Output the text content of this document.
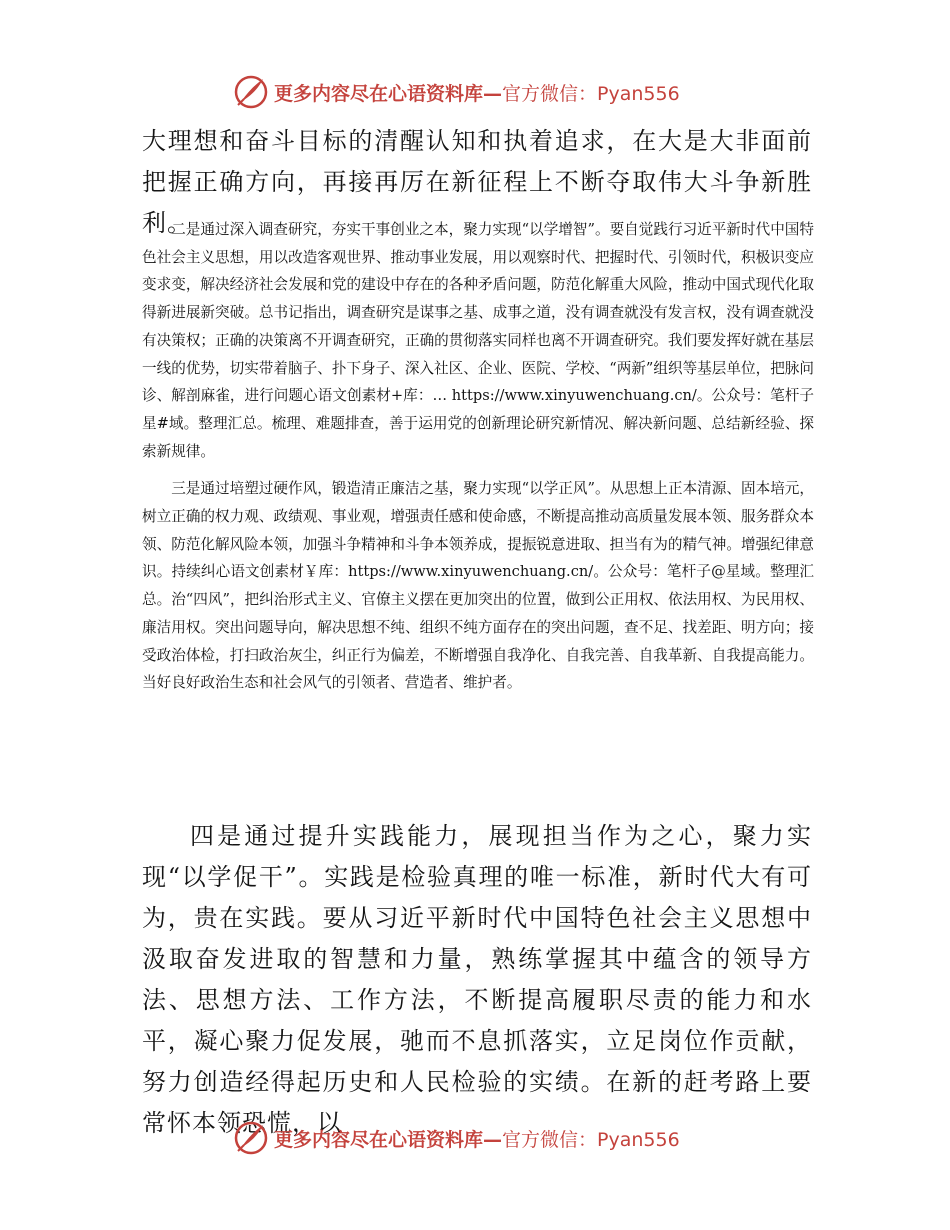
更多内容尽在心语资料库—官方微信：Pyan556

大理想和奋斗目标的清醒认知和执着追求，在大是大非面前把握正确方向，再接再厉在新征程上不断夺取伟大斗争新胜利。

二是通过深入调查研究，夯实干事创业之本，聚力实现“以学增智”。要自觉践行习近平新时代中国特色社会主义思想，用以改造客观世界、推动事业发展，用以观察时代、把握时代、引领时代，积极识变应变求变，解决经济社会发展和党的建设中存在的各种矛盾问题，防范化解重大风险，推动中国式现代化取得新进展新突破。总书记指出，调查研究是谋事之基、成事之道，没有调查就没有发言权，没有调查就没有决策权；正确的决策离不开调查研究，正确的贯彻落实同样也离不开调查研究。我们要发挥好就在基层一线的优势，切实带着脑子、扑下身子、深入社区、企业、医院、学校、“两新”组织等基层单位，把脉问诊、解剖麻雀，进行问题心语文创素材+库：… https://www.xinyuwenchuang.cn/。公众号：笔杆子星#域。整理汇总。梳理、难题排查，善于运用党的创新理论研究新情况、解决新问题、总结新经验、探索新规律。

三是通过培塑过硬作风，锻造清正廉洁之基，聚力实现“以学正风”。从思想上正本清源、固本培元，树立正确的权力观、政绩观、事业观，增强责任感和使命感，不断提高推动高质量发展本领、服务群众本领、防范化解风险本领，加强斗争精神和斗争本领养成，提振锐意进取、担当有为的精气神。增强纪律意识。持续纠心语文创素材￥库：https://www.xinyuwenchuang.cn/。公众号：笔杆子@星域。整理汇总。治“四风”，把纠治形式主义、官僚主义摆在更加突出的位置，做到公正用权、依法用权、为民用权、廉洁用权。突出问题导向，解决思想不纯、组织不纯方面存在的突出问题，查不足、找差距、明方向；接受政治体检，打扫政治灰尘，纠正行为偏差，不断增强自我净化、自我完善、自我革新、自我提高能力。当好良好政治生态和社会风气的引领者、营造者、维护者。

四是通过提升实践能力，展现担当作为之心，聚力实现“以学促干”。实践是检验真理的唯一标准，新时代大有可为，贵在实践。要从习近平新时代中国特色社会主义思想中汲取奋发进取的智慧和力量，熟练掌握其中蕴含的领导方法、思想方法、工作方法，不断提高履职尽责的能力和水平，凝心聚力促发展，驰而不息抓落实，立足岗位作贡献，努力创造经得起历史和人民检验的实绩。在新的赶考路上要常怀本领恐慌，以

更多内容尽在心语资料库—官方微信：Pyan556
